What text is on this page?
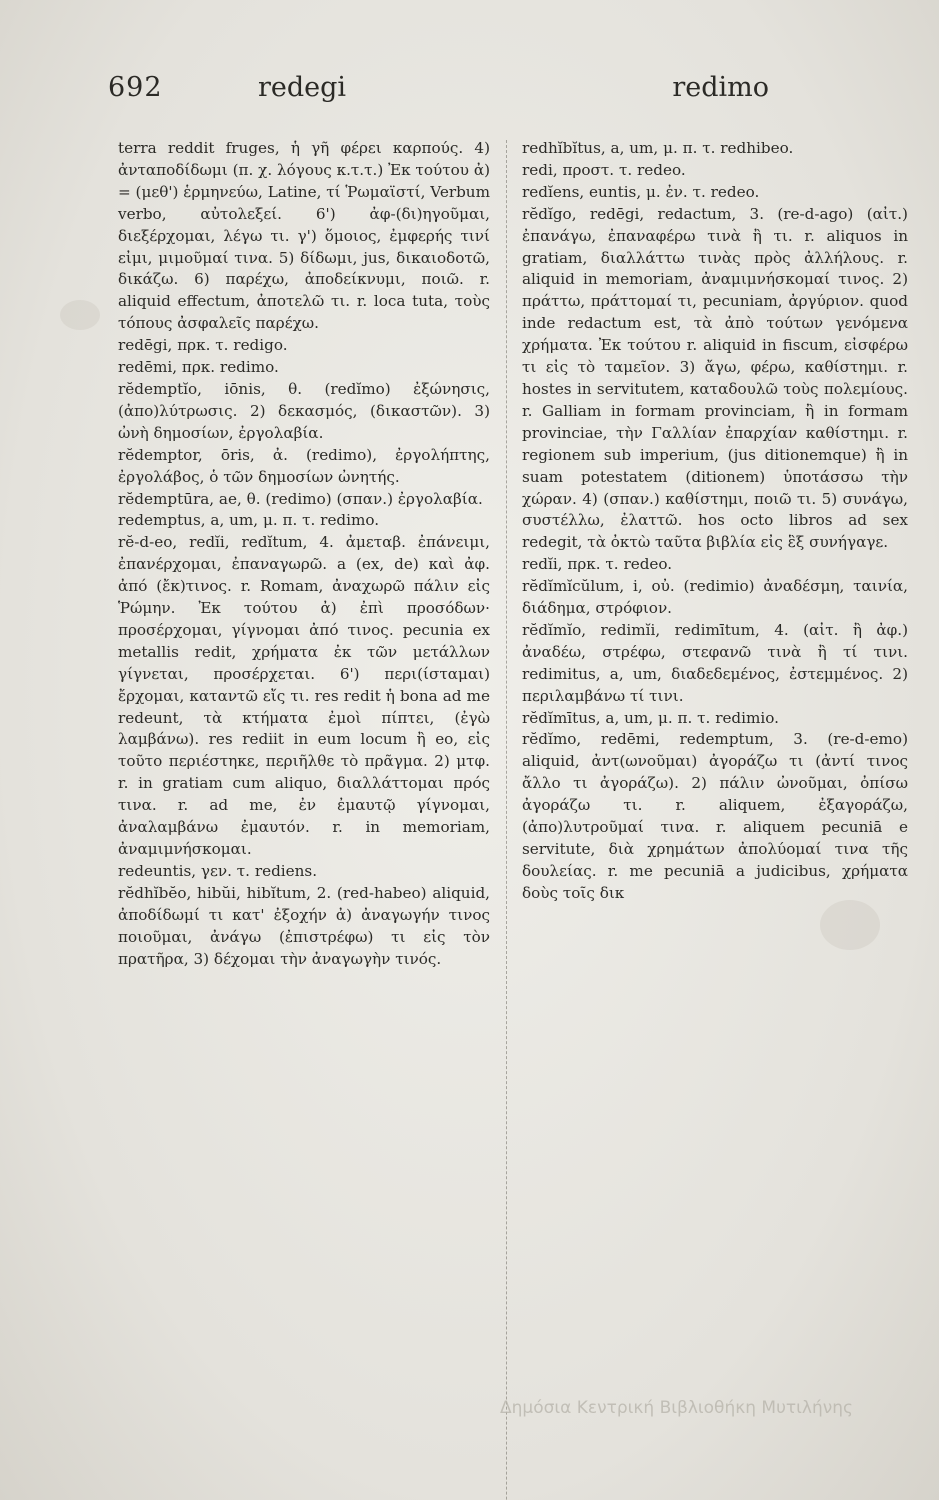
692	redegi	redimo

terra reddit fruges, ἡ γῆ φέρει καρπούς. 4) ἀνταποδίδωμι (π. χ. λόγους κ.τ.τ.) Ἐκ τούτου ἀ) = (μεθ') ἑρμηνεύω, Latine, τί Ῥωμαϊστί, Verbum verbo, αὐτολεξεί. 6') ἀφ-(δι)ηγοῦμαι, διεξέρχομαι, λέγω τι. γ') ὅμοιος, ἐμφερής τινί εἰμι, μιμοῦμαί τινα. 5) δίδωμι, jus, δικαιοδοτῶ, δικάζω. 6) παρέχω, ἀποδείκνυμι, ποιῶ. r. aliquid effectum, ἀποτελῶ τι. r. loca tuta, τοὺς τόπους ἀσφαλεῖς παρέχω.

redēgi, πρκ. τ. redigo.

redēmi, πρκ. redimo.

rĕdemptĭo, iōnis, θ. (redĭmo) ἐξώνησις, (ἀπο)λύτρωσις. 2) δεκασμός, (δικαστῶν). 3) ὠνὴ δημοσίων, ἐργολαβία.

rĕdemptor, ōris, ἀ. (redimo), ἐργολήπτης, ἐργολάβος, ὁ τῶν δημοσίων ὠνητής.

rĕdemptūra, ae, θ. (redimo) (σπαν.) ἐργολαβία.

redemptus, a, um, μ. π. τ. redimo.

rĕ-d-eo, redĭi, redĭtum, 4. ἀμεταβ. ἐπάνειμι, ἐπανέρχομαι, ἐπαναγωρῶ. a (ex, de) καὶ ἀφ. ἀπό (ἔκ)τινος. r. Romam, ἀναχωρῶ πάλιν εἰς Ῥώμην. Ἐκ τούτου ἀ) ἐπὶ προσόδων· προσέρχομαι, γίγνομαι ἀπό τινος. pecunia ex metallis redit, χρήματα ἐκ τῶν μετάλλων γίγνεται, προσέρχεται. 6') περι(ίσταμαι) ἔρχομαι, καταντῶ εἴς τι. res redit ἡ bona ad me redeunt, τὰ κτήματα ἐμοὶ πίπτει, (ἐγὼ λαμβάνω). res rediit in eum locum ἢ eo, εἰς τοῦτο περιέστηκε, περιῆλθε τὸ πρᾶγμα. 2) μτφ. r. in gratiam cum aliquo, διαλλάττομαι πρός τινα. r. ad me, ἐν ἐμαυτῷ γίγνομαι, ἀναλαμβάνω ἐμαυτόν. r. in memoriam, ἀναμιμνήσκομαι.

redeuntis, γεν. τ. rediens.

rĕdhĭbĕo, hibŭi, hibĭtum, 2. (red-habeo) aliquid, ἀποδίδωμί τι κατ' ἐξοχήν ἀ) ἀναγωγήν τινος ποιοῦμαι, ἀνάγω (ἐπιστρέφω) τι εἰς τὸν πρατῆρα, 3) δέχομαι τὴν ἀναγωγὴν τινός.

redhĭbĭtus, a, um, μ. π. τ. redhibeo.

redi, προστ. τ. redeo.

redĭens, euntis, μ. ἐν. τ. redeo.

rĕdĭgo, redēgi, redactum, 3. (re-d-ago) (αἰτ.) ἐπανάγω, ἐπαναφέρω τινὰ ἢ τι. r. aliquos in gratiam, διαλλάττω τινὰς πρὸς ἀλλήλους. r. aliquid in memoriam, ἀναμιμνήσκομαί τινος. 2) πράττω, πράττομαί τι, pecuniam, ἀργύριον. quod inde redactum est, τὰ ἀπὸ τούτων γενόμενα χρήματα. Ἐκ τούτου r. aliquid in fiscum, εἰσφέρω τι εἰς τὸ ταμεῖον. 3) ἄγω, φέρω, καθίστημι. r. hostes in servitutem, καταδουλῶ τοὺς πολεμίους. r. Galliam in formam provinciam, ἢ in formam provinciae, τὴν Γαλλίαν ἐπαρχίαν καθίστημι. r. regionem sub imperium, (jus ditionemque) ἢ in suam potestatem (ditionem) ὑποτάσσω τὴν χώραν. 4) (σπαν.) καθίστημι, ποιῶ τι. 5) συνάγω, συστέλλω, ἐλαττῶ. hos octo libros ad sex redegit, τὰ ὀκτὼ ταῦτα βιβλία εἰς ἓξ συνήγαγε.

redĭi, πρκ. τ. redeo.

rĕdĭmĭcŭlum, i, οὐ. (redimio) ἀναδέσμη, ταινία, διάδημα, στρόφιον.

rĕdĭmĭo, redimĭi, redimītum, 4. (αἰτ. ἢ ἀφ.) ἀναδέω, στρέφω, στεφανῶ τινὰ ἢ τί τινι. redimitus, a, um, διαδεδεμένος, ἐστεμμένος. 2) περιλαμβάνω τί τινι.

rĕdĭmītus, a, um, μ. π. τ. redimio.

rĕdĭmo, redēmi, redemptum, 3. (re-d-emo) aliquid, ἀντ(ωνοῦμαι) ἀγοράζω τι (ἀντί τινος ἄλλο τι ἀγοράζω). 2) πάλιν ὠνοῦμαι, ὀπίσω ἀγοράζω τι. r. aliquem, ἐξαγοράζω, (ἀπο)λυτροῦμαί τινα. r. aliquem pecuniā e servitute, διὰ χρημάτων ἀπολύομαί τινα τῆς δουλείας. r. me pecuniā a judicibus, χρήματα δοὺς τοῖς δικ

Δημόσια Κεντρική Βιβλιοθήκη Μυτιλήνης
